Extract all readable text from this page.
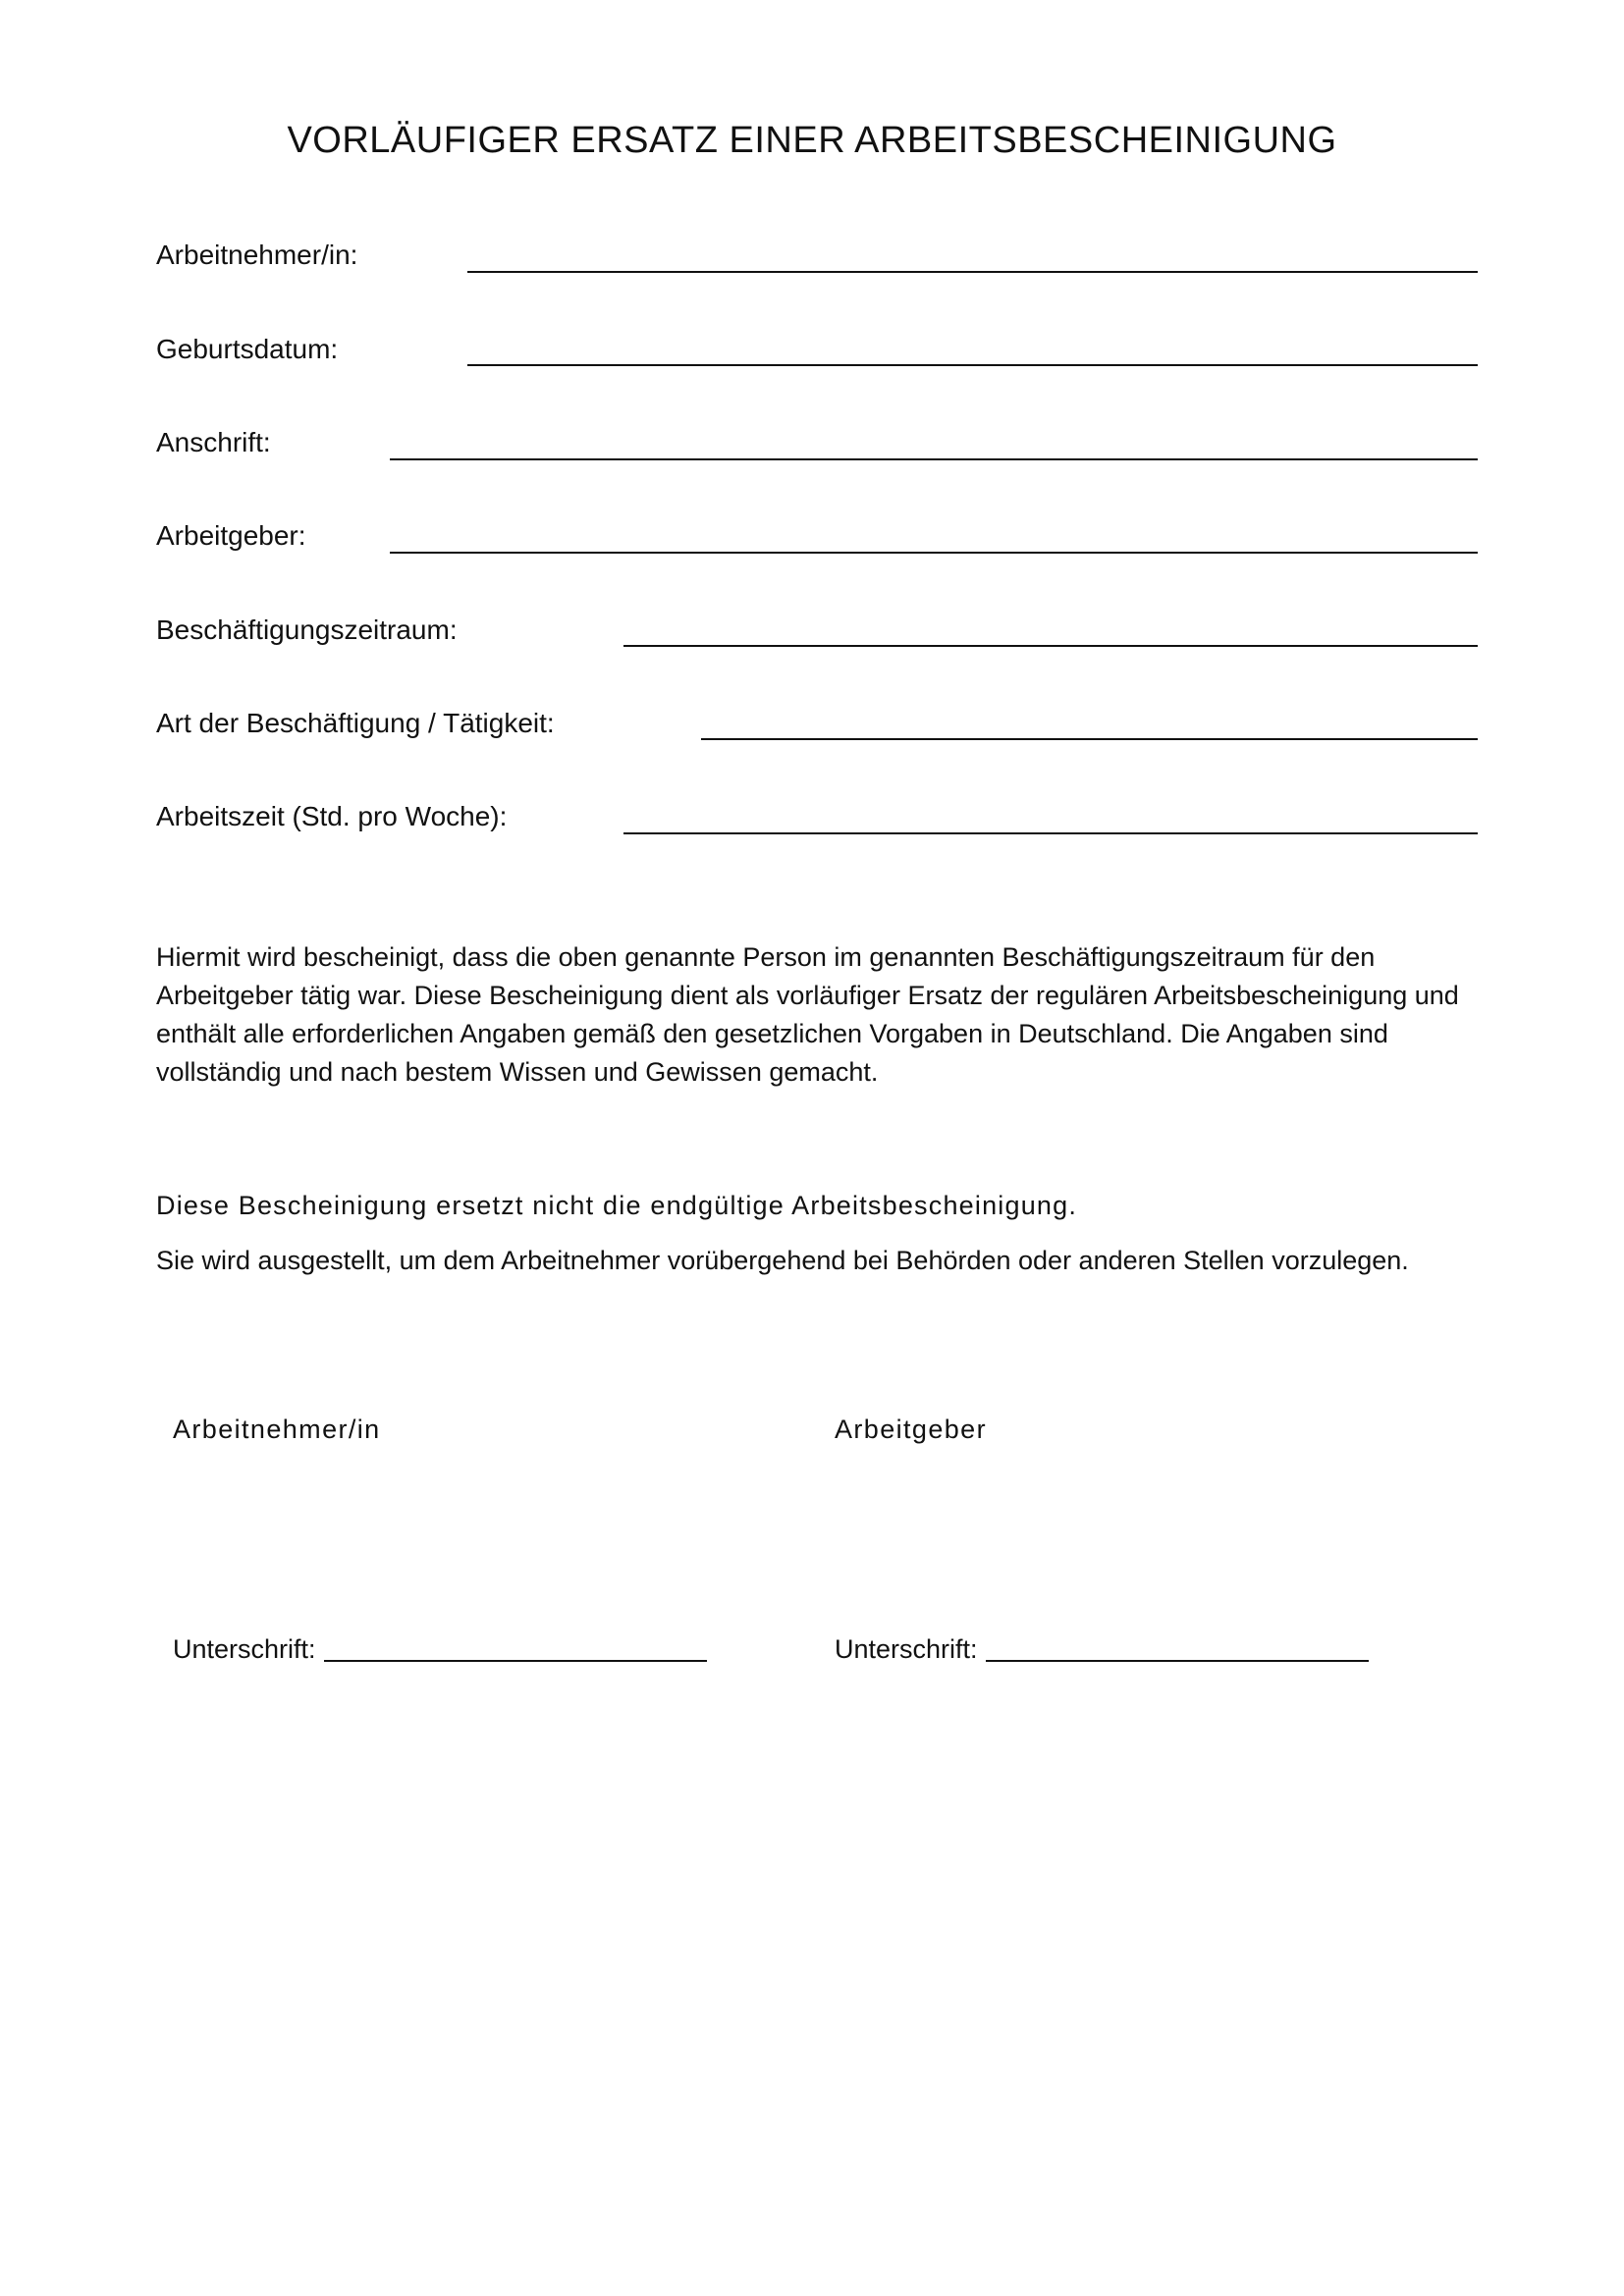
VORLÄUFIGER ERSATZ EINER ARBEITSBESCHEINIGUNG
Arbeitnehmer/in:
Geburtsdatum:
Anschrift:
Arbeitgeber:
Beschäftigungszeitraum:
Art der Beschäftigung / Tätigkeit:
Arbeitszeit (Std. pro Woche):

Hiermit wird bescheinigt, dass die oben genannte Person im genannten Beschäftigungszeitraum für den Arbeitgeber tätig war. Diese Bescheinigung dient als vorläufiger Ersatz der regulären Arbeitsbescheinigung und enthält alle erforderlichen Angaben gemäß den gesetzlichen Vorgaben in Deutschland. Die Angaben sind vollständig und nach bestem Wissen und Gewissen gemacht.

Diese Bescheinigung ersetzt nicht die endgültige Arbeitsbescheinigung.

Sie wird ausgestellt, um dem Arbeitnehmer vorübergehend bei Behörden oder anderen Stellen vorzulegen.

Arbeitnehmer/in	Arbeitgeber
Unterschrift:	Unterschrift:
